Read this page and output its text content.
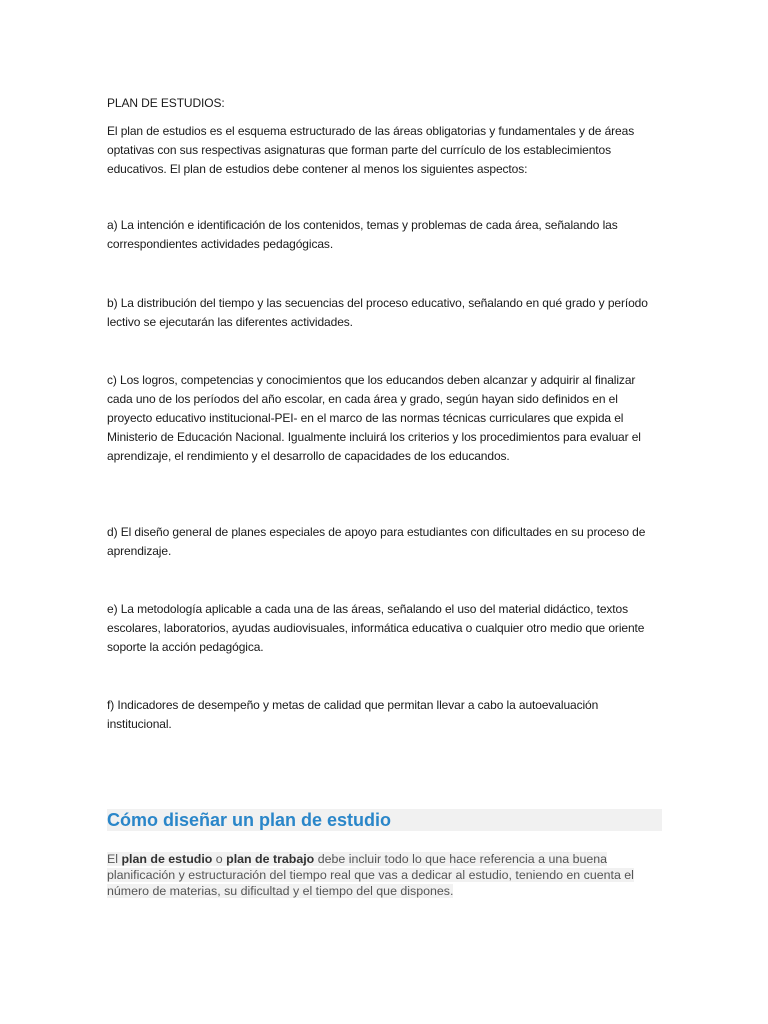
PLAN DE ESTUDIOS:

El plan de estudios es el esquema estructurado de las áreas obligatorias y fundamentales y de áreas optativas con sus respectivas asignaturas que forman parte del currículo de los establecimientos educativos. El plan de estudios debe contener al menos los siguientes aspectos:

a) La intención e identificación de los contenidos, temas y problemas de cada área, señalando las correspondientes actividades pedagógicas.

b) La distribución del tiempo y las secuencias del proceso educativo, señalando en qué grado y período lectivo se ejecutarán las diferentes actividades.

c) Los logros, competencias y conocimientos que los educandos deben alcanzar y adquirir al finalizar cada uno de los períodos del año escolar, en cada área y grado, según hayan sido definidos en el proyecto educativo institucional-PEI- en el marco de las normas técnicas curriculares que expida el Ministerio de Educación Nacional. Igualmente incluirá los criterios y los procedimientos para evaluar el aprendizaje, el rendimiento y el desarrollo de capacidades de los educandos.

d) El diseño general de planes especiales de apoyo para estudiantes con dificultades en su proceso de aprendizaje.

e) La metodología aplicable a cada una de las áreas, señalando el uso del material didáctico, textos escolares, laboratorios, ayudas audiovisuales, informática educativa o cualquier otro medio que oriente soporte la acción pedagógica.

f) Indicadores de desempeño y metas de calidad que permitan llevar a cabo la autoevaluación institucional.

Cómo diseñar un plan de estudio

El plan de estudio o plan de trabajo debe incluir todo lo que hace referencia a una buena planificación y estructuración del tiempo real que vas a dedicar al estudio, teniendo en cuenta el número de materias, su dificultad y el tiempo del que dispones.
